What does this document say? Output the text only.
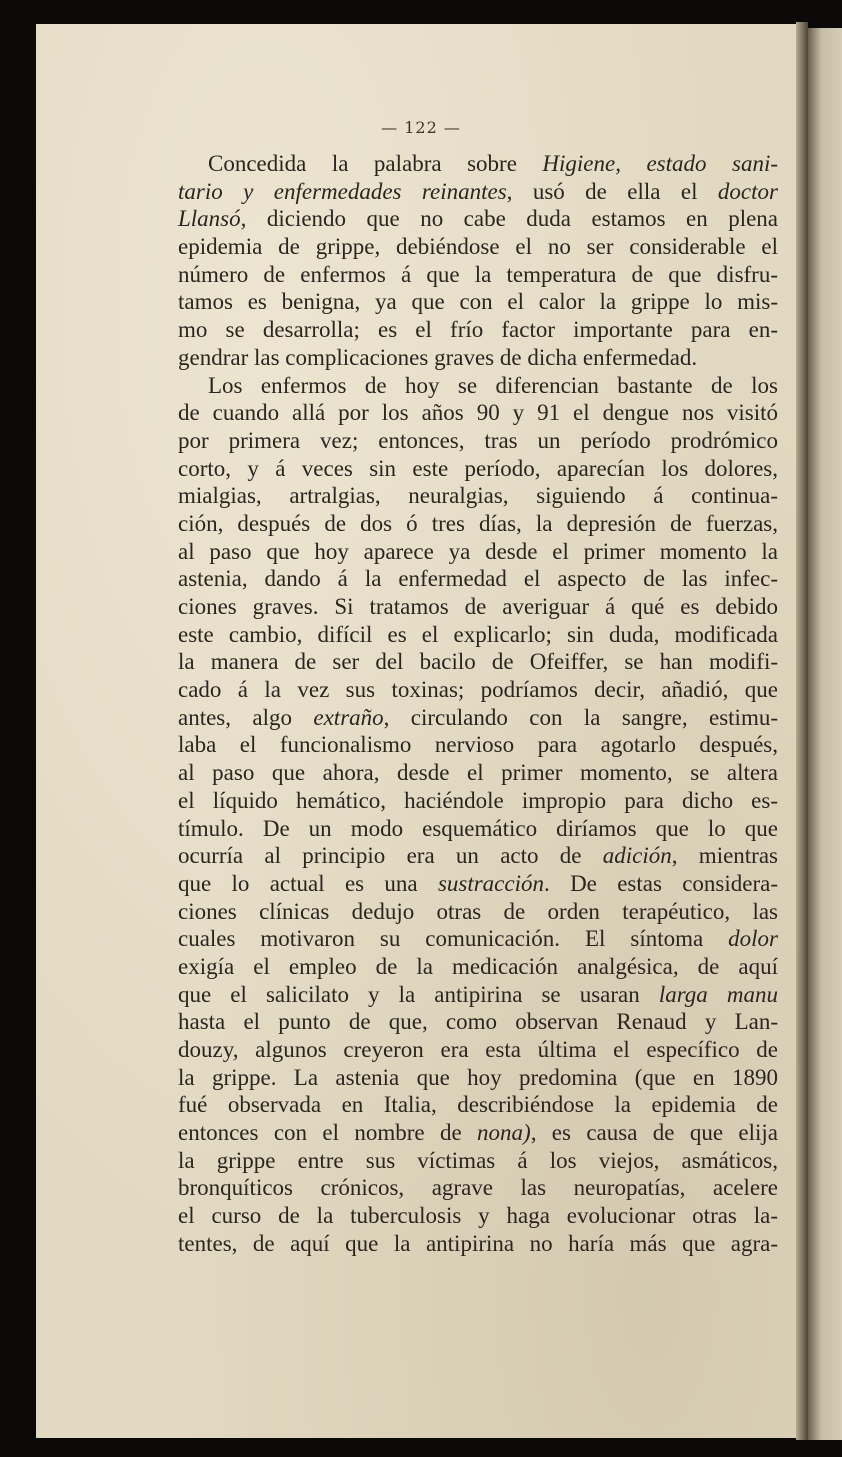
— 122 —
Concedida la palabra sobre Higiene, estado sani-
tario y enfermedades reinantes, usó de ella el doctor
Llansó, diciendo que no cabe duda estamos en plena
epidemia de grippe, debiéndose el no ser considerable el
número de enfermos á que la temperatura de que disfru-
tamos es benigna, ya que con el calor la grippe lo mis-
mo se desarrolla; es el frío factor importante para en-
gendrar las complicaciones graves de dicha enfermedad.
Los enfermos de hoy se diferencian bastante de los
de cuando allá por los años 90 y 91 el dengue nos visitó
por primera vez; entonces, tras un período prodrómico
corto, y á veces sin este período, aparecían los dolores,
mialgias, artralgias, neuralgias, siguiendo á continua-
ción, después de dos ó tres días, la depresión de fuerzas,
al paso que hoy aparece ya desde el primer momento la
astenia, dando á la enfermedad el aspecto de las infec-
ciones graves. Si tratamos de averiguar á qué es debido
este cambio, difícil es el explicarlo; sin duda, modificada
la manera de ser del bacilo de Ofeiffer, se han modifi-
cado á la vez sus toxinas; podríamos decir, añadió, que
antes, algo extraño, circulando con la sangre, estimu-
laba el funcionalismo nervioso para agotarlo después,
al paso que ahora, desde el primer momento, se altera
el líquido hemático, haciéndole impropio para dicho es-
tímulo. De un modo esquemático diríamos que lo que
ocurría al principio era un acto de adición, mientras
que lo actual es una sustracción. De estas considera-
ciones clínicas dedujo otras de orden terapéutico, las
cuales motivaron su comunicación. El síntoma dolor
exigía el empleo de la medicación analgésica, de aquí
que el salicilato y la antipirina se usaran larga manu
hasta el punto de que, como observan Renaud y Lan-
douzy, algunos creyeron era esta última el específico de
la grippe. La astenia que hoy predomina (que en 1890
fué observada en Italia, describiéndose la epidemia de
entonces con el nombre de nona), es causa de que elija
la grippe entre sus víctimas á los viejos, asmáticos,
bronquíticos crónicos, agrave las neuropatías, acelere
el curso de la tuberculosis y haga evolucionar otras la-
tentes, de aquí que la antipirina no haría más que agra-
